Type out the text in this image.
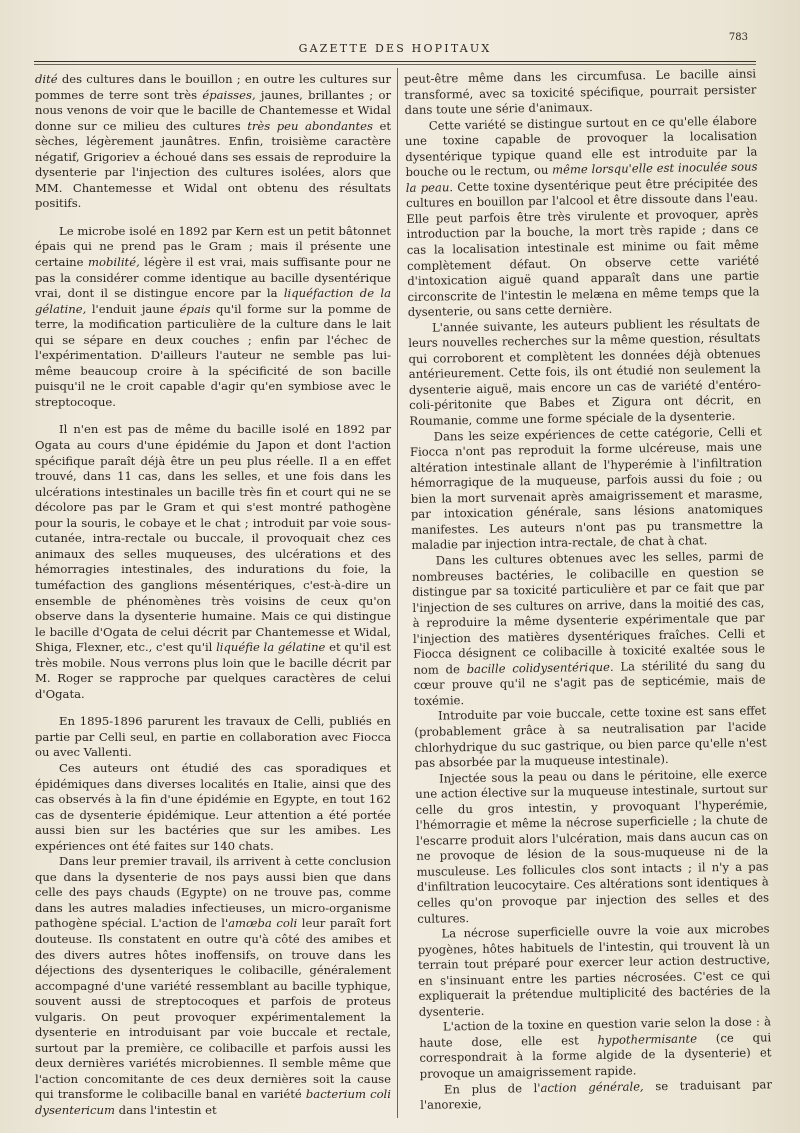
GAZETTE DES HOPITAUX
783

dité des cultures dans le bouillon ; en outre les cultures sur pommes de terre sont très épaisses, jaunes, brillantes ; or nous venons de voir que le bacille de Chantemesse et Widal donne sur ce milieu des cultures très peu abondantes et sèches, légèrement jaunâtres. Enfin, troisième caractère négatif, Grigoriev a échoué dans ses essais de reproduire la dysenterie par l'injection des cultures isolées, alors que MM. Chantemesse et Widal ont obtenu des résultats positifs.

Le microbe isolé en 1892 par Kern est un petit bâtonnet épais qui ne prend pas le Gram ; mais il présente une certaine mobilité, légère il est vrai, mais suffisante pour ne pas la considérer comme identique au bacille dysentérique vrai, dont il se distingue encore par la liquéfaction de la gélatine, l'enduit jaune épais qu'il forme sur la pomme de terre, la modification particulière de la culture dans le lait qui se sépare en deux couches ; enfin par l'échec de l'expérimentation. D'ailleurs l'auteur ne semble pas lui-même beaucoup croire à la spécificité de son bacille puisqu'il ne le croit capable d'agir qu'en symbiose avec le streptocoque.

Il n'en est pas de même du bacille isolé en 1892 par Ogata au cours d'une épidémie du Japon et dont l'action spécifique paraît déjà être un peu plus réelle. Il a en effet trouvé, dans 11 cas, dans les selles, et une fois dans les ulcérations intestinales un bacille très fin et court qui ne se décolore pas par le Gram et qui s'est montré pathogène pour la souris, le cobaye et le chat ; introduit par voie sous-cutanée, intra-rectale ou buccale, il provoquait chez ces animaux des selles muqueuses, des ulcérations et des hémorragies intestinales, des indurations du foie, la tuméfaction des ganglions mésentériques, c'est-à-dire un ensemble de phénomènes très voisins de ceux qu'on observe dans la dysenterie humaine. Mais ce qui distingue le bacille d'Ogata de celui décrit par Chantemesse et Widal, Shiga, Flexner, etc., c'est qu'il liquéfie la gélatine et qu'il est très mobile. Nous verrons plus loin que le bacille décrit par M. Roger se rapproche par quelques caractères de celui d'Ogata.

En 1895-1896 parurent les travaux de Celli, publiés en partie par Celli seul, en partie en collaboration avec Fiocca ou avec Vallenti.

Ces auteurs ont étudié des cas sporadiques et épidémiques dans diverses localités en Italie, ainsi que des cas observés à la fin d'une épidémie en Egypte, en tout 162 cas de dysenterie épidémique. Leur attention a été portée aussi bien sur les bactéries que sur les amibes. Les expériences ont été faites sur 140 chats.

Dans leur premier travail, ils arrivent à cette conclusion que dans la dysenterie de nos pays aussi bien que dans celle des pays chauds (Egypte) on ne trouve pas, comme dans les autres maladies infectieuses, un micro-organisme pathogène spécial. L'action de l'amœba coli leur paraît fort douteuse. Ils constatent en outre qu'à côté des amibes et des divers autres hôtes inoffensifs, on trouve dans les déjections des dysenteriques le colibacille, généralement accompagné d'une variété ressemblant au bacille typhique, souvent aussi de streptocoques et parfois de proteus vulgaris. On peut provoquer expérimentalement la dysenterie en introduisant par voie buccale et rectale, surtout par la première, ce colibacille et parfois aussi les deux dernières variétés microbiennes. Il semble même que l'action concomitante de ces deux dernières soit la cause qui transforme le colibacille banal en variété bacterium coli dysentericum dans l'intestin et

peut-être même dans les circumfusa. Le bacille ainsi transformé, avec sa toxicité spécifique, pourrait persister dans toute une série d'animaux.

Cette variété se distingue surtout en ce qu'elle élabore une toxine capable de provoquer la localisation dysentérique typique quand elle est introduite par la bouche ou le rectum, ou même lorsqu'elle est inoculée sous la peau. Cette toxine dysentérique peut être précipitée des cultures en bouillon par l'alcool et être dissoute dans l'eau. Elle peut parfois être très virulente et provoquer, après introduction par la bouche, la mort très rapide ; dans ce cas la localisation intestinale est minime ou fait même complètement défaut. On observe cette variété d'intoxication aiguë quand apparaît dans une partie circonscrite de l'intestin le melæna en même temps que la dysenterie, ou sans cette dernière.

L'année suivante, les auteurs publient les résultats de leurs nouvelles recherches sur la même question, résultats qui corroborent et complètent les données déjà obtenues antérieurement. Cette fois, ils ont étudié non seulement la dysenterie aiguë, mais encore un cas de variété d'entéro-coli-péritonite que Babes et Zigura ont décrit, en Roumanie, comme une forme spéciale de la dysenterie.

Dans les seize expériences de cette catégorie, Celli et Fiocca n'ont pas reproduit la forme ulcéreuse, mais une altération intestinale allant de l'hyperémie à l'infiltration hémorragique de la muqueuse, parfois aussi du foie ; ou bien la mort survenait après amaigrissement et marasme, par intoxication générale, sans lésions anatomiques manifestes. Les auteurs n'ont pas pu transmettre la maladie par injection intra-rectale, de chat à chat.

Dans les cultures obtenues avec les selles, parmi de nombreuses bactéries, le colibacille en question se distingue par sa toxicité particulière et par ce fait que par l'injection de ses cultures on arrive, dans la moitié des cas, à reproduire la même dysenterie expérimentale que par l'injection des matières dysentériques fraîches. Celli et Fiocca désignent ce colibacille à toxicité exaltée sous le nom de bacille colidysentérique. La stérilité du sang du cœur prouve qu'il ne s'agit pas de septicémie, mais de toxémie.

Introduite par voie buccale, cette toxine est sans effet (probablement grâce à sa neutralisation par l'acide chlorhydrique du suc gastrique, ou bien parce qu'elle n'est pas absorbée par la muqueuse intestinale).

Injectée sous la peau ou dans le péritoine, elle exerce une action élective sur la muqueuse intestinale, surtout sur celle du gros intestin, y provoquant l'hyperémie, l'hémorragie et même la nécrose superficielle ; la chute de l'escarre produit alors l'ulcération, mais dans aucun cas on ne provoque de lésion de la sous-muqueuse ni de la musculeuse. Les follicules clos sont intacts ; il n'y a pas d'infiltration leucocytaire. Ces altérations sont identiques à celles qu'on provoque par injection des selles et des cultures.

La nécrose superficielle ouvre la voie aux microbes pyogènes, hôtes habituels de l'intestin, qui trouvent là un terrain tout préparé pour exercer leur action destructive, en s'insinuant entre les parties nécrosées. C'est ce qui expliquerait la prétendue multiplicité des bactéries de la dysenterie.

L'action de la toxine en question varie selon la dose : à haute dose, elle est hypothermisante (ce qui correspondrait à la forme algide de la dysenterie) et provoque un amaigrissement rapide.

En plus de l'action générale, se traduisant par l'anorexie,
